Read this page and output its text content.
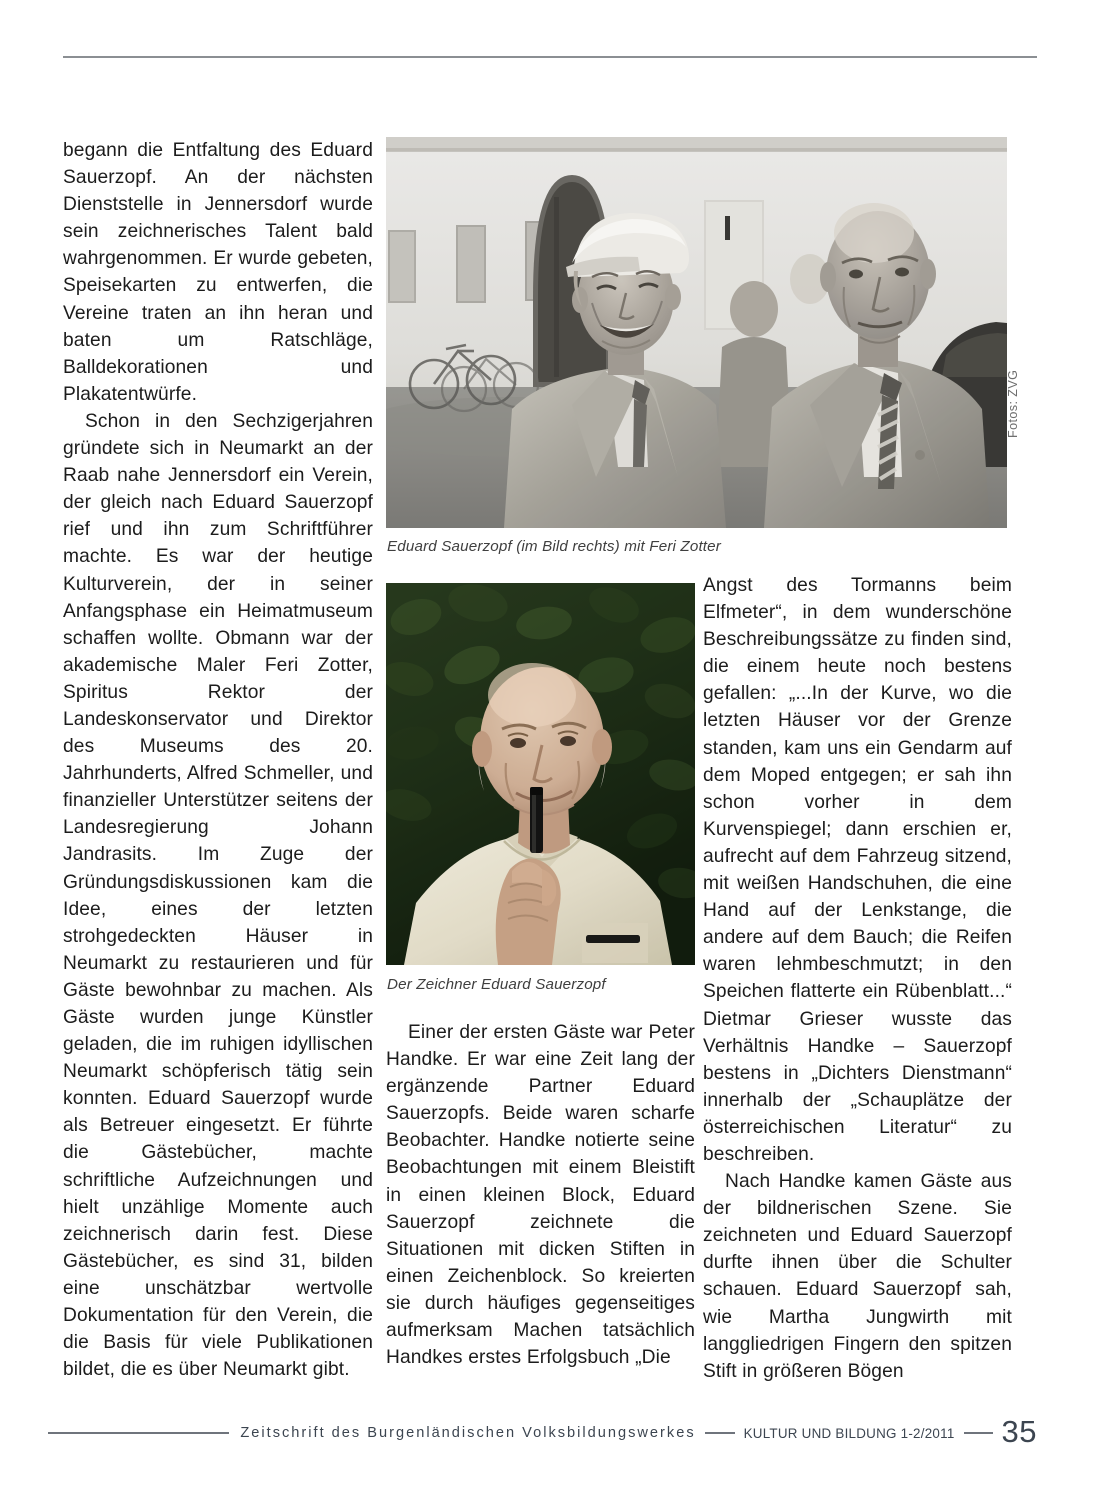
Eduard Sauerzopf (im Bild rechts) mit Feri Zotter
Fotos: ZVG
Der Zeichner Eduard Sauerzopf

begann die Entfaltung des Eduard Sauerzopf. An der nächsten Dienststelle in Jennersdorf wurde sein zeichnerisches Talent bald wahrgenommen. Er wurde gebeten, Speisekarten zu entwerfen, die Vereine traten an ihn heran und baten um Ratschläge, Balldekorationen und Plakatentwürfe.

Schon in den Sechzigerjahren gründete sich in Neumarkt an der Raab nahe Jennersdorf ein Verein, der gleich nach Eduard Sauerzopf rief und ihn zum Schriftführer machte. Es war der heutige Kulturverein, der in seiner Anfangsphase ein Heimatmuseum schaffen wollte. Obmann war der akademische Maler Feri Zotter, Spiritus Rektor der Landeskonservator und Direktor des Museums des 20. Jahrhunderts, Alfred Schmeller, und finanzieller Unterstützer seitens der Landesregierung Johann Jandrasits. Im Zuge der Gründungsdiskussionen kam die Idee, eines der letzten strohgedeckten Häuser in Neumarkt zu restaurieren und für Gäste bewohnbar zu machen. Als Gäste wurden junge Künstler geladen, die im ruhigen idyllischen Neumarkt schöpferisch tätig sein konnten. Eduard Sauerzopf wurde als Betreuer eingesetzt. Er führte die Gästebücher, machte schriftliche Aufzeichnungen und hielt unzählige Momente auch zeichnerisch darin fest. Diese Gästebücher, es sind 31, bilden eine unschätzbar wertvolle Dokumentation für den Verein, die die Basis für viele Publikationen bildet, die es über Neumarkt gibt.

Einer der ersten Gäste war Peter Handke. Er war eine Zeit lang der ergänzende Partner Eduard Sauerzopfs. Beide waren scharfe Beobachter. Handke notierte seine Beobachtungen mit einem Bleistift in einen kleinen Block, Eduard Sauerzopf zeichnete die Situationen mit dicken Stiften in einen Zeichenblock. So kreierten sie durch häufiges gegenseitiges aufmerksam Machen tatsächlich Handkes erstes Erfolgsbuch „Die

Angst des Tormanns beim Elfmeter“, in dem wunderschöne Beschreibungssätze zu finden sind, die einem heute noch bestens gefallen: „...In der Kurve, wo die letzten Häuser vor der Grenze standen, kam uns ein Gendarm auf dem Moped entgegen; er sah ihn schon vorher in dem Kurvenspiegel; dann erschien er, aufrecht auf dem Fahrzeug sitzend, mit weißen Handschuhen, die eine Hand auf der Lenkstange, die andere auf dem Bauch; die Reifen waren lehmbeschmutzt; in den Speichen flatterte ein Rübenblatt...“ Dietmar Grieser wusste das Verhältnis Handke – Sauerzopf bestens in „Dichters Dienstmann“ innerhalb der „Schauplätze der österreichischen Literatur“ zu beschreiben.

Nach Handke kamen Gäste aus der bildnerischen Szene. Sie zeichneten und Eduard Sauerzopf durfte ihnen über die Schulter schauen. Eduard Sauerzopf sah, wie Martha Jungwirth mit langgliedrigen Fingern den spitzen Stift in größeren Bögen

Zeitschrift des Burgenländischen Volksbildungswerkes	KULTUR UND BILDUNG 1-2/2011 35
